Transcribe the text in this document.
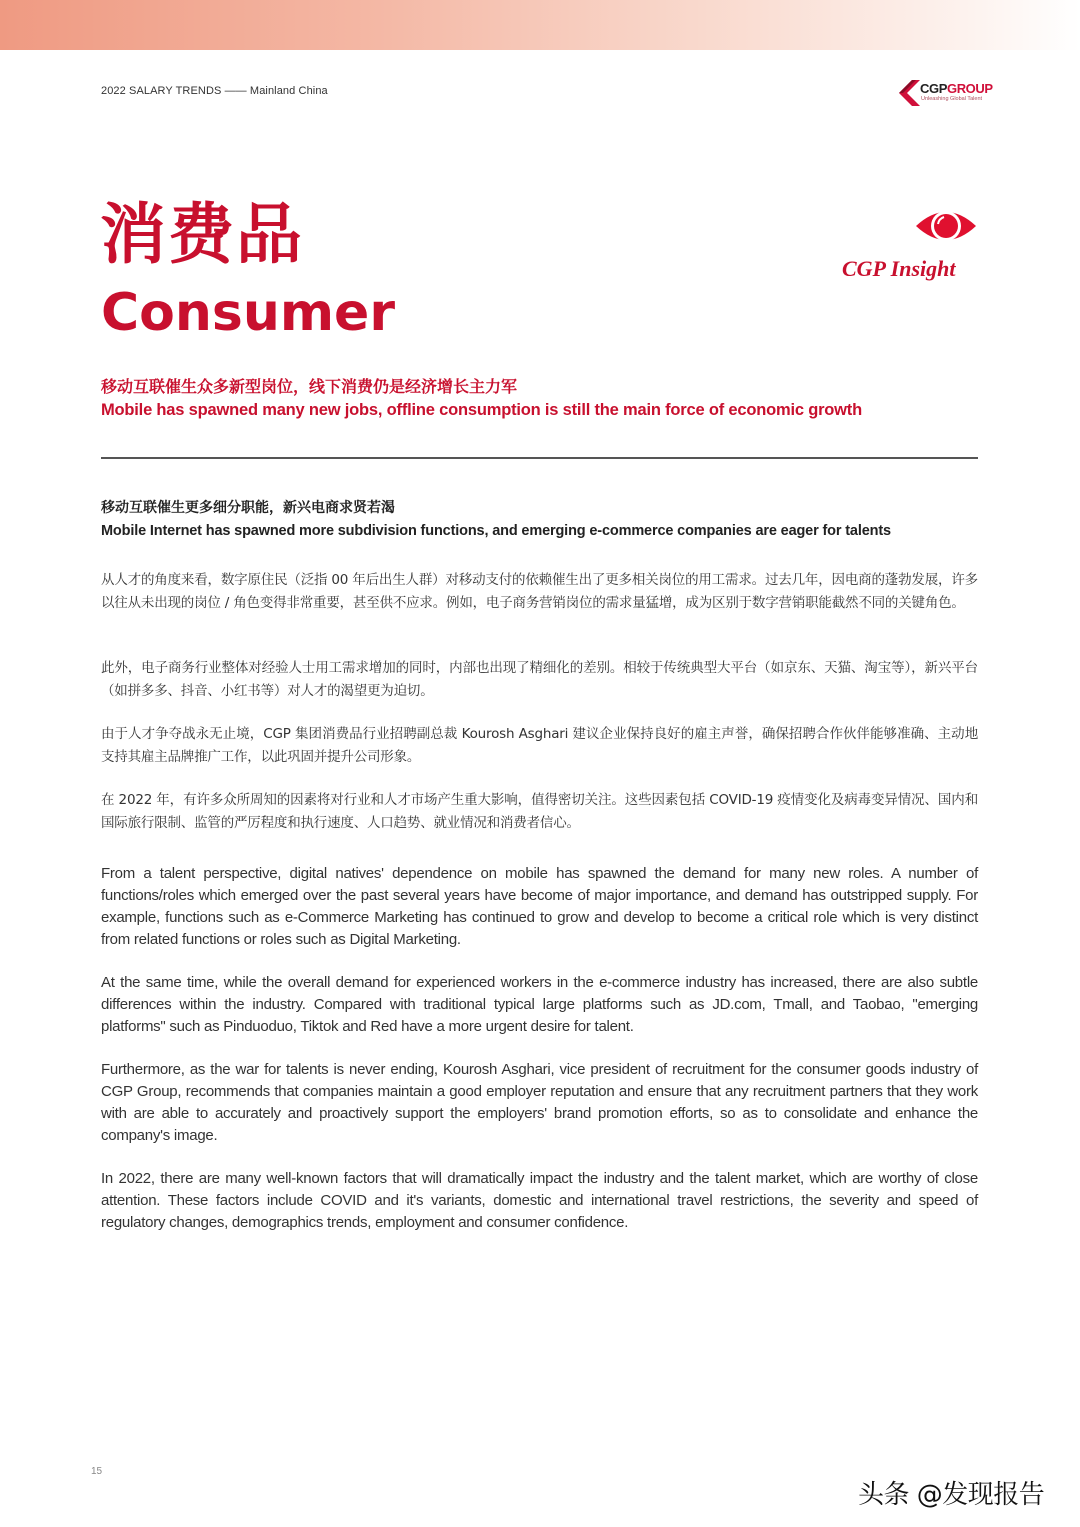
2022 SALARY TRENDS —— Mainland China	CGPGROUP
Unleashing Global Talent
CGP Insight
消费品
Consumer
移动互联催生众多新型岗位，线下消费仍是经济增长主力军
Mobile has spawned many new jobs, offline consumption is still the main force of economic growth
移动互联催生更多细分职能，新兴电商求贤若渴
Mobile Internet has spawned more subdivision functions, and emerging e-commerce companies are eager for talents

从人才的角度来看，数字原住民（泛指 00 年后出生人群）对移动支付的依赖催生出了更多相关岗位的用工需求。过去几年，因电商的蓬勃发展，许多以往从未出现的岗位 / 角色变得非常重要，甚至供不应求。例如，电子商务营销岗位的需求量猛增，成为区别于数字营销职能截然不同的关键角色。

此外，电子商务行业整体对经验人士用工需求增加的同时，内部也出现了精细化的差别。相较于传统典型大平台（如京东、天猫、淘宝等），新兴平台（如拼多多、抖音、小红书等）对人才的渴望更为迫切。

由于人才争夺战永无止境，CGP 集团消费品行业招聘副总裁 Kourosh Asghari 建议企业保持良好的雇主声誉，确保招聘合作伙伴能够准确、主动地支持其雇主品牌推广工作，以此巩固并提升公司形象。

在 2022 年，有许多众所周知的因素将对行业和人才市场产生重大影响，值得密切关注。这些因素包括 COVID-19 疫情变化及病毒变异情况、国内和国际旅行限制、监管的严厉程度和执行速度、人口趋势、就业情况和消费者信心。

From a talent perspective, digital natives' dependence on mobile has spawned the demand for many new roles. A number of functions/roles which emerged over the past several years have become of major importance, and demand has outstripped supply. For example, functions such as e-Commerce Marketing has continued to grow and develop to become a critical role which is very distinct from related functions or roles such as Digital Marketing.

At the same time, while the overall demand for experienced workers in the e-commerce industry has increased, there are also subtle differences within the industry. Compared with traditional typical large platforms such as JD.com, Tmall, and Taobao, "emerging platforms" such as Pinduoduo, Tiktok and Red have a more urgent desire for talent.

Furthermore, as the war for talents is never ending, Kourosh Asghari, vice president of recruitment for the consumer goods industry of CGP Group, recommends that companies maintain a good employer reputation and ensure that any recruitment partners that they work with are able to accurately and proactively support the employers' brand promotion efforts, so as to consolidate and enhance the company's image.

In 2022, there are many well-known factors that will dramatically impact the industry and the talent market, which are worthy of close attention. These factors include COVID and it's variants, domestic and international travel restrictions, the severity and speed of regulatory changes, demographics trends, employment and consumer confidence.

15
头条 @发现报告
